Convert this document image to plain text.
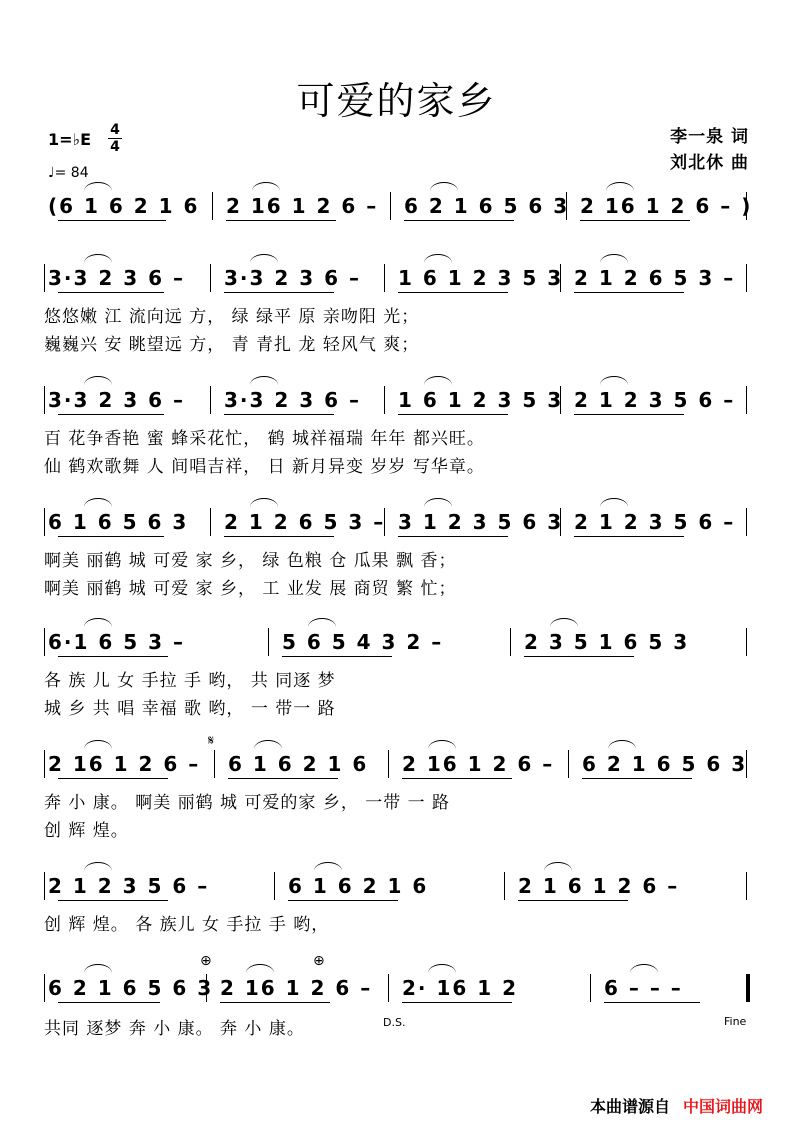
可爱的家乡
1=♭E 4
4
♩= 84
李一泉 词
刘北休 曲
(6 1 6 2 1 6 2 16 1 2 6 – 6 2 1 6 5 6 3 2 16 1 2 6 – )
3·3 2 3 6 – 3·3 2 3 6 – 1 6 1 2 3 5 3 2 1 2 6 5 3 –
悠悠嫩 江 流向远 方， 绿 绿平 原 亲吻阳 光；
巍巍兴 安 眺望远 方， 青 青扎 龙 轻风气 爽；
3·3 2 3 6 – 3·3 2 3 6 – 1 6 1 2 3 5 3 2 1 2 3 5 6 –
百 花争香艳 蜜 蜂采花忙， 鹤 城祥福瑞 年年 都兴旺。
仙 鹤欢歌舞 人 间唱吉祥， 日 新月异变 岁岁 写华章。
6 1 6 5 6 3 2 1 2 6 5 3 – 3 1 2 3 5 6 3 2 1 2 3 5 6 –
啊美 丽鹤 城 可爱 家 乡， 绿 色粮 仓 瓜果 飘 香；
啊美 丽鹤 城 可爱 家 乡， 工 业发 展 商贸 繁 忙；
6·1 6 5 3 –	5 6 5 4 3 2 –	2 3 5 1 6 5 3
各 族 儿 女 手拉 手 哟， 共 同逐 梦
城 乡 共 唱 幸福 歌 哟， 一 带一 路
2 16 1 2 6 – 6 1 6 2 1 6 2 16 1 2 6 – 6 2 1 6 5 6 3
奔 小 康。 啊美 丽鹤 城 可爱的家 乡， 一带 一 路
创 辉 煌。
2 1 2 3 5 6 –	6 1 6 2 1 6	2 1 6 1 2 6 –
创 辉 煌。 各 族儿 女 手拉 手 哟，
6 2 1 6 5 6 3 2 16 1 2 6 – 2· 16 1 2	6 – – –
共同 逐梦 奔 小 康。 奔 小 康。
𝄋
⊕	⊕
D.S.	Fine
本曲谱源自 中国词曲网
